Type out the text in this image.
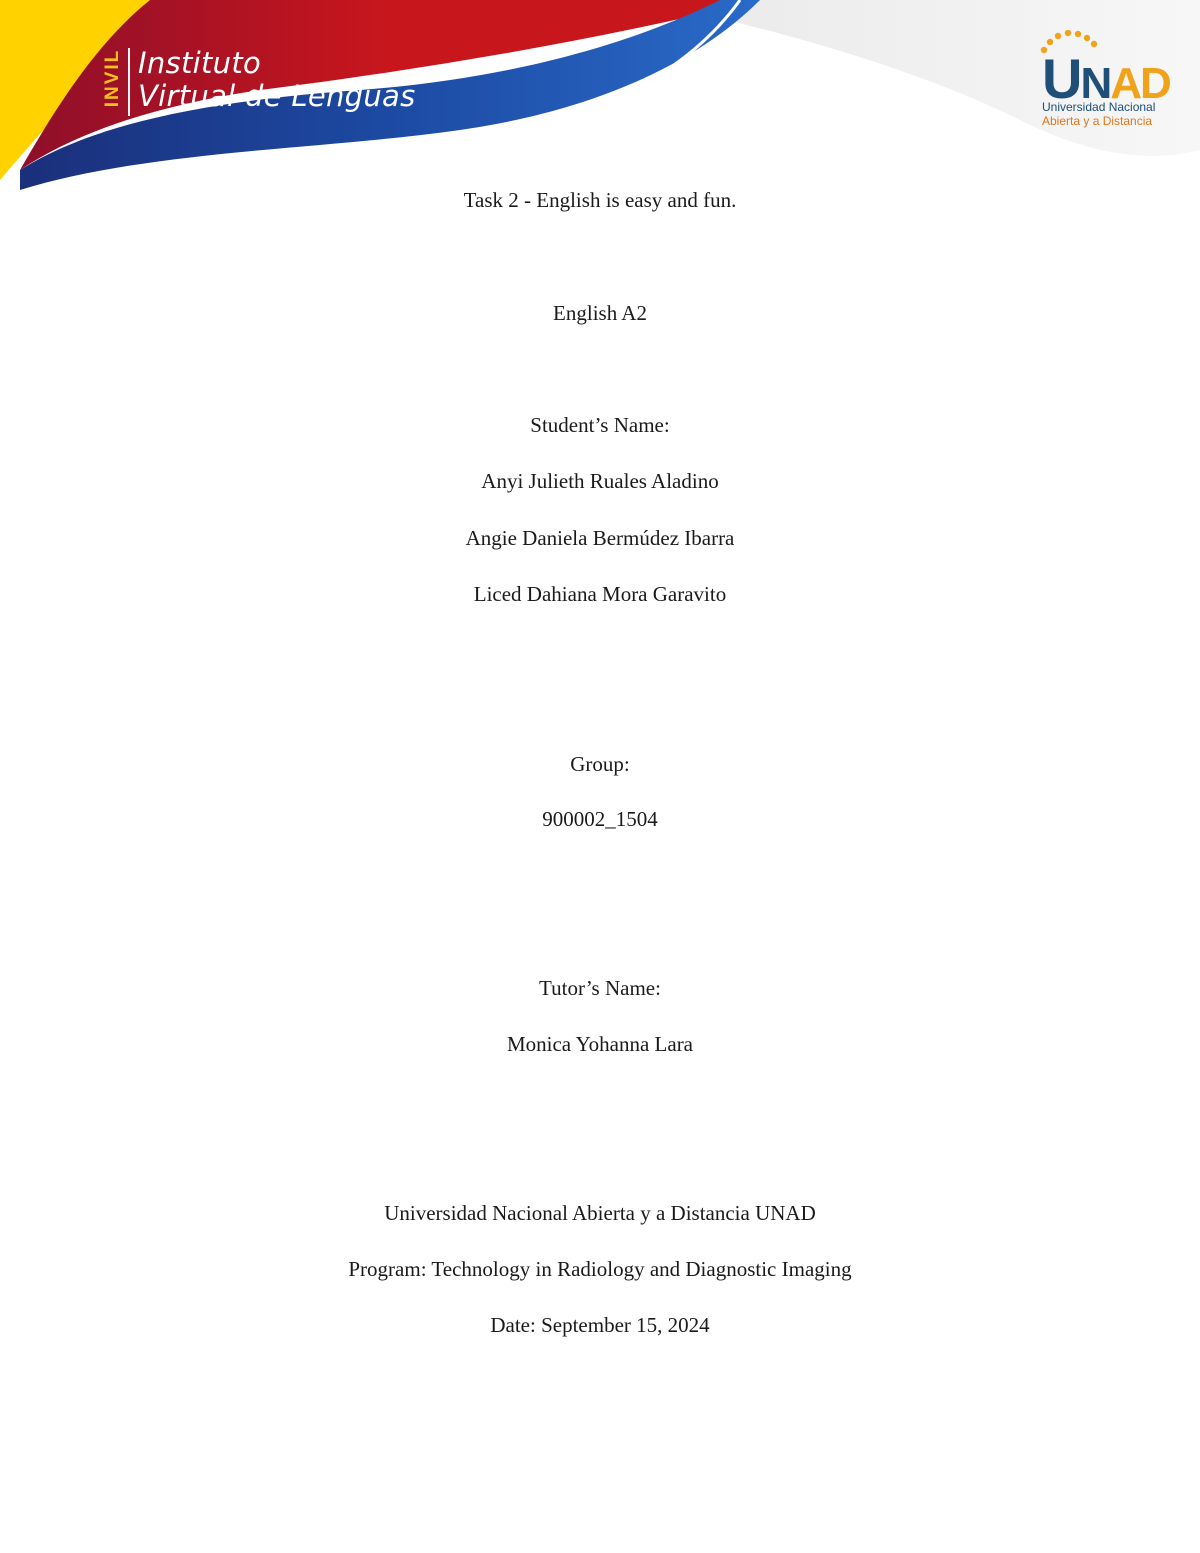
INVIL Instituto
Virtual de Lenguas	UNAD
Universidad Nacional
Abierta y a Distancia
Task 2 - English is easy and fun.
English A2
Student’s Name:
Anyi Julieth Ruales Aladino
Angie Daniela Bermúdez Ibarra
Liced Dahiana Mora Garavito
Group:
900002_1504
Tutor’s Name:
Monica Yohanna Lara
Universidad Nacional Abierta y a Distancia UNAD
Program: Technology in Radiology and Diagnostic Imaging
Date: September 15, 2024
